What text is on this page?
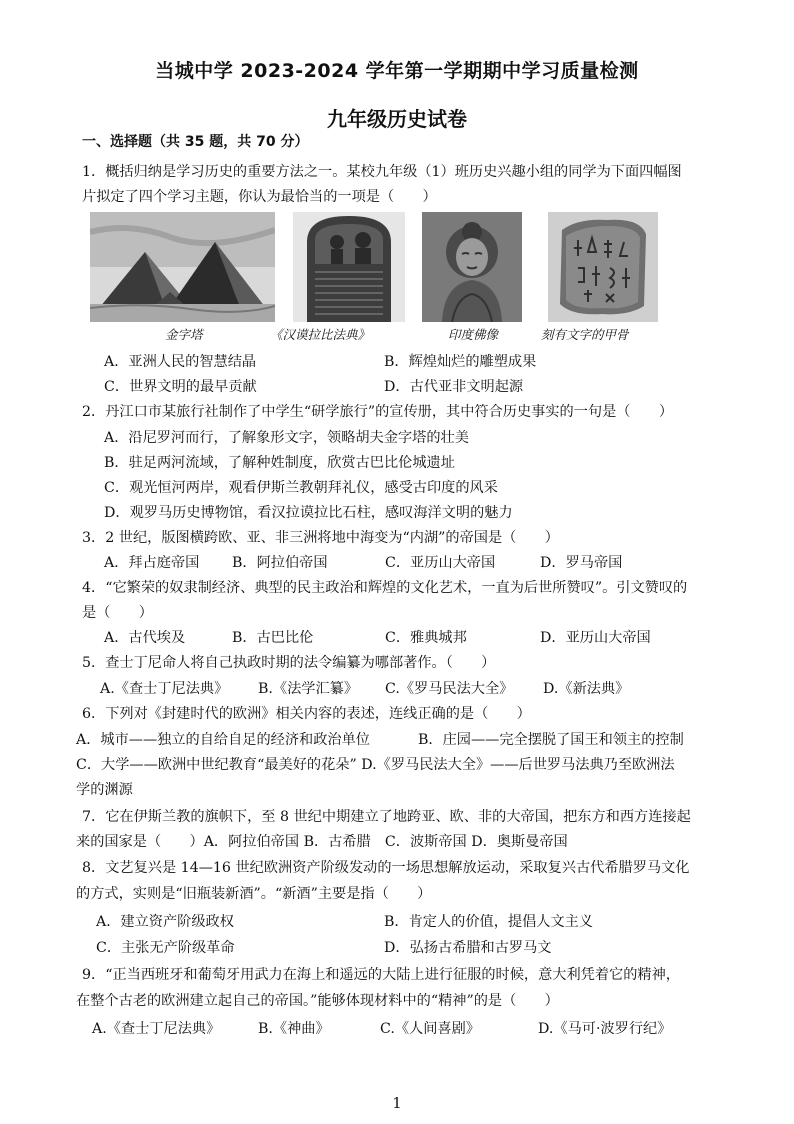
当城中学 2023-2024 学年第一学期期中学习质量检测
九年级历史试卷
一、选择题（共 35 题，共 70 分）
1．概括归纳是学习历史的重要方法之一。某校九年级（1）班历史兴趣小组的同学为下面四幅图
片拟定了四个学习主题，你认为最恰当的一项是（　　）
金字塔	《汉谟拉比法典》	印度佛像	刻有文字的甲骨
A．亚洲人民的智慧结晶	B．辉煌灿烂的雕塑成果
C．世界文明的最早贡献	D．古代亚非文明起源
2．丹江口市某旅行社制作了中学生“研学旅行”的宣传册，其中符合历史事实的一句是（　　）
A．沿尼罗河而行，了解象形文字，领略胡夫金字塔的壮美
B．驻足两河流域，了解种姓制度，欣赏古巴比伦城遗址
C．观光恒河两岸，观看伊斯兰教朝拜礼仪，感受古印度的风采
D．观罗马历史博物馆，看汉拉谟拉比石柱，感叹海洋文明的魅力
3．2 世纪，版图横跨欧、亚、非三洲将地中海变为“内湖”的帝国是（　　）
A．拜占庭帝国 B．阿拉伯帝国	C．亚历山大帝国	D．罗马帝国
4．“它繁荣的奴隶制经济、典型的民主政治和辉煌的文化艺术，一直为后世所赞叹”。引文赞叹的
是（　　）
A．古代埃及	B．古巴比伦	C．雅典城邦	D．亚历山大帝国
5．查士丁尼命人将自己执政时期的法令编纂为哪部著作。（　　）
A.《查士丁尼法典》 B.《法学汇纂》 C.《罗马民法大全》 D.《新法典》
6．下列对《封建时代的欧洲》相关内容的表述，连线正确的是（　　）
A．城市——独立的自给自足的经济和政治单位	B．庄园——完全摆脱了国王和领主的控制
C．大学——欧洲中世纪教育“最美好的花朵” D.《罗马民法大全》——后世罗马法典乃至欧洲法
学的渊源
7．它在伊斯兰教的旗帜下，至 8 世纪中期建立了地跨亚、欧、非的大帝国，把东方和西方连接起
来的国家是（　　）A．阿拉伯帝国 B．古希腊　C．波斯帝国 D．奥斯曼帝国
8．文艺复兴是 14—16 世纪欧洲资产阶级发动的一场思想解放运动，采取复兴古代希腊罗马文化
的方式，实则是“旧瓶装新酒”。“新酒”主要是指（　　）
A．建立资产阶级政权	B．肯定人的价值，提倡人文主义
C．主张无产阶级革命	D．弘扬古希腊和古罗马文
9．“正当西班牙和葡萄牙用武力在海上和遥远的大陆上进行征服的时候，意大利凭着它的精神，
在整个古老的欧洲建立起自己的帝国。”能够体现材料中的“精神”的是（　　）
A.《查士丁尼法典》	B.《神曲》	C.《人间喜剧》	D.《马可·波罗行纪》
1
